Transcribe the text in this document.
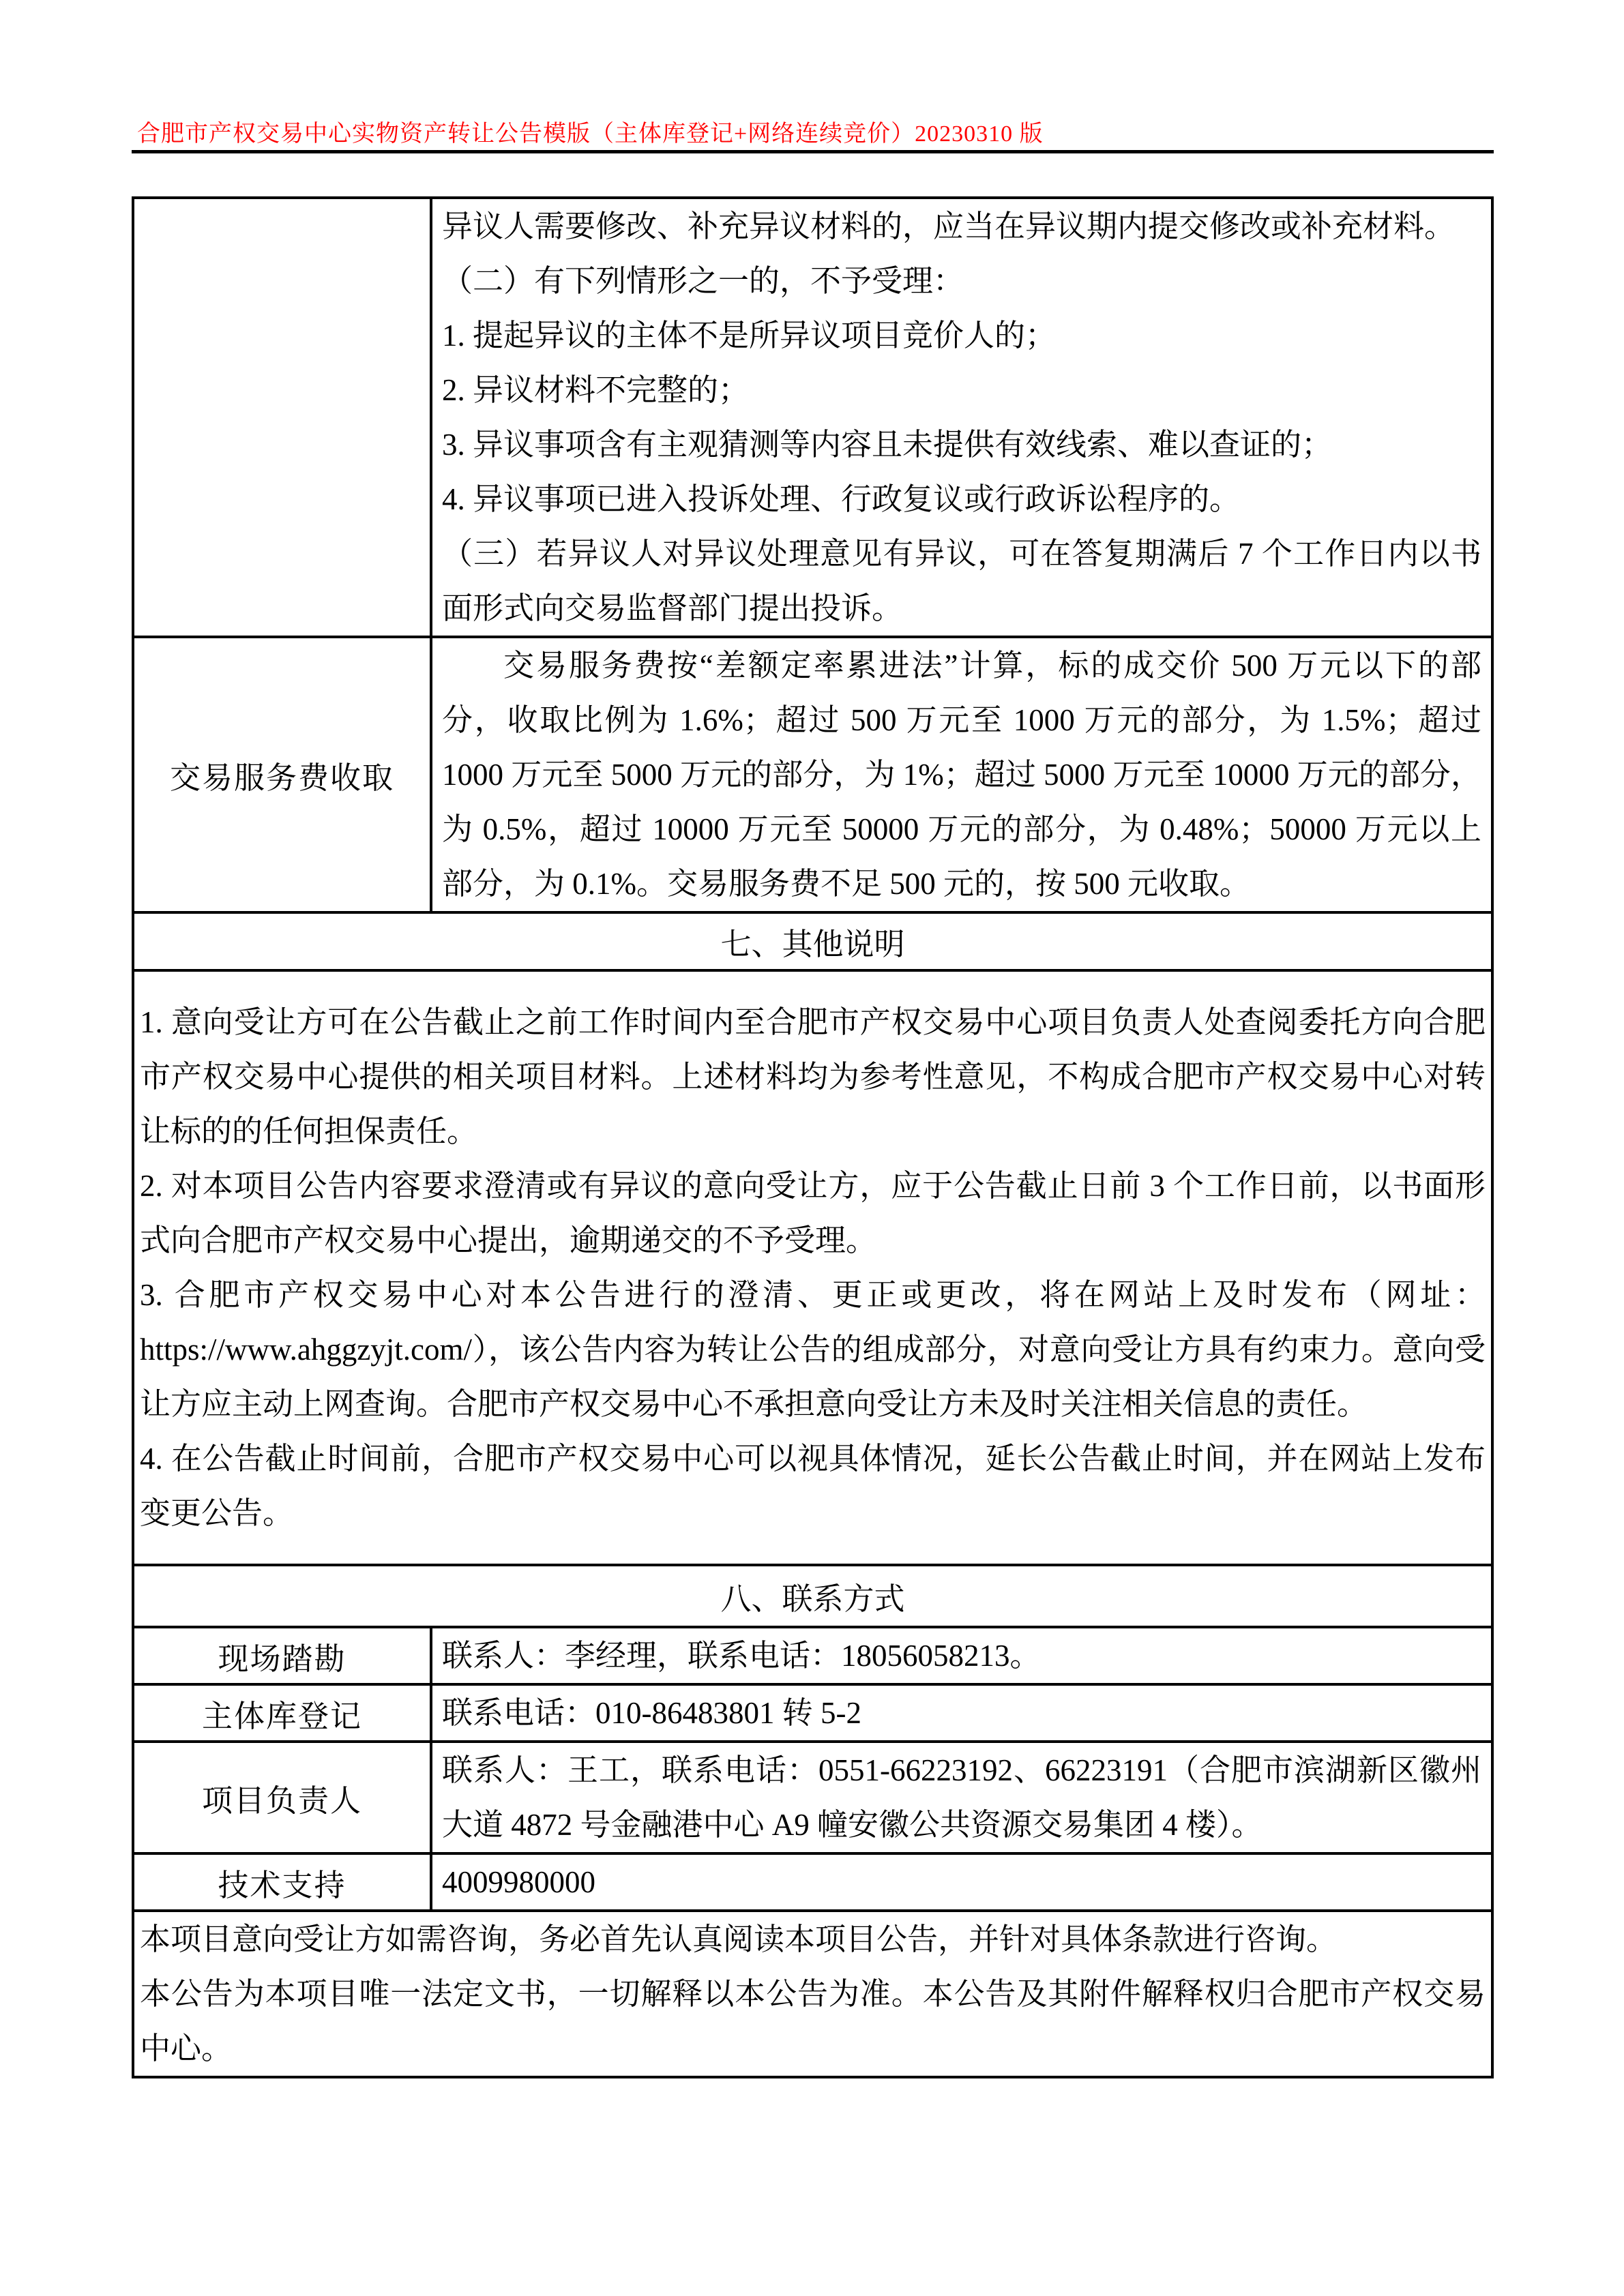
合肥市产权交易中心实物资产转让公告模版（主体库登记+网络连续竞价）20230310 版

异议人需要修改、补充异议材料的，应当在异议期内提交修改或补充材料。

（二）有下列情形之一的，不予受理：

1. 提起异议的主体不是所异议项目竞价人的；

2. 异议材料不完整的；

3. 异议事项含有主观猜测等内容且未提供有效线索、难以查证的；

4. 异议事项已进入投诉处理、行政复议或行政诉讼程序的。

（三）若异议人对异议处理意见有异议，可在答复期满后 7 个工作日内以书面形式向交易监督部门提出投诉。

交易服务费收取	交易服务费按“差额定率累进法”计算，标的成交价 500 万元以下的部分，收取比例为 1.6%；超过 500 万元至 1000 万元的部分，为 1.5%；超过 1000 万元至 5000 万元的部分，为 1%；超过 5000 万元至 10000 万元的部分，为 0.5%，超过 10000 万元至 50000 万元的部分，为 0.48%；50000 万元以上部分，为 0.1%。交易服务费不足 500 元的，按 500 元收取。

七、其他说明	

1. 意向受让方可在公告截止之前工作时间内至合肥市产权交易中心项目负责人处查阅委托方向合肥市产权交易中心提供的相关项目材料。上述材料均为参考性意见，不构成合肥市产权交易中心对转让标的的任何担保责任。

2. 对本项目公告内容要求澄清或有异议的意向受让方，应于公告截止日前 3 个工作日前，以书面形式向合肥市产权交易中心提出，逾期递交的不予受理。

3. 合肥市产权交易中心对本公告进行的澄清、更正或更改，将在网站上及时发布（网址：https://www.ahggzyjt.com/），该公告内容为转让公告的组成部分，对意向受让方具有约束力。意向受让方应主动上网查询。合肥市产权交易中心不承担意向受让方未及时关注相关信息的责任。

4. 在公告截止时间前，合肥市产权交易中心可以视具体情况，延长公告截止时间，并在网站上发布变更公告。	

八、联系方式	
现场踏勘	联系人：李经理，联系电话：18056058213。

主体库登记	联系电话：010-86483801 转 5-2

项目负责人	联系人：王工，联系电话：0551-66223192、66223191（合肥市滨湖新区徽州大道 4872 号金融港中心 A9 幢安徽公共资源交易集团 4 楼）。

技术支持	4009980000

本项目意向受让方如需咨询，务必首先认真阅读本项目公告，并针对具体条款进行咨询。

本公告为本项目唯一法定文书，一切解释以本公告为准。本公告及其附件解释权归合肥市产权交易中心。	
